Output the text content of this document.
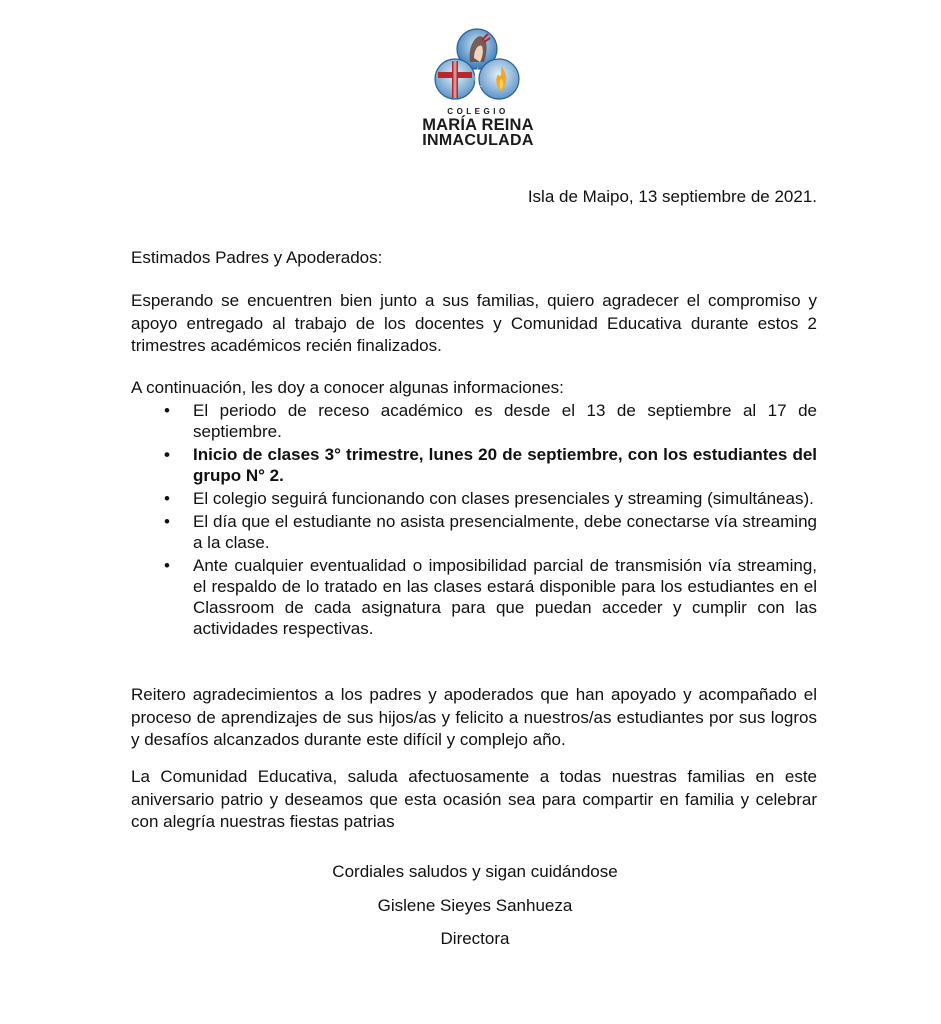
COLEGIO
MARÍA REINA
INMACULADA
Isla de Maipo, 13 septiembre de 2021.
Estimados Padres y Apoderados:
Esperando se encuentren bien junto a sus familias, quiero agradecer el compromiso y apoyo entregado al trabajo de los docentes y Comunidad Educativa durante estos 2 trimestres académicos recién finalizados.
A continuación, les doy a conocer algunas informaciones:
• El periodo de receso académico es desde el 13 de septiembre al 17 de septiembre.
• Inicio de clases 3° trimestre, lunes 20 de septiembre, con los estudiantes del grupo N° 2.
• El colegio seguirá funcionando con clases presenciales y streaming (simultáneas).
• El día que el estudiante no asista presencialmente, debe conectarse vía streaming a la clase.
• Ante cualquier eventualidad o imposibilidad parcial de transmisión vía streaming, el respaldo de lo tratado en las clases estará disponible para los estudiantes en el Classroom de cada asignatura para que puedan acceder y cumplir con las actividades respectivas.
Reitero agradecimientos a los padres y apoderados que han apoyado y acompañado el proceso de aprendizajes de sus hijos/as y felicito a nuestros/as estudiantes por sus logros y desafíos alcanzados durante este difícil y complejo año.
La Comunidad Educativa, saluda afectuosamente a todas nuestras familias en este aniversario patrio y deseamos que esta ocasión sea para compartir en familia y celebrar con alegría nuestras fiestas patrias
Cordiales saludos y sigan cuidándose
Gislene Sieyes Sanhueza
Directora
